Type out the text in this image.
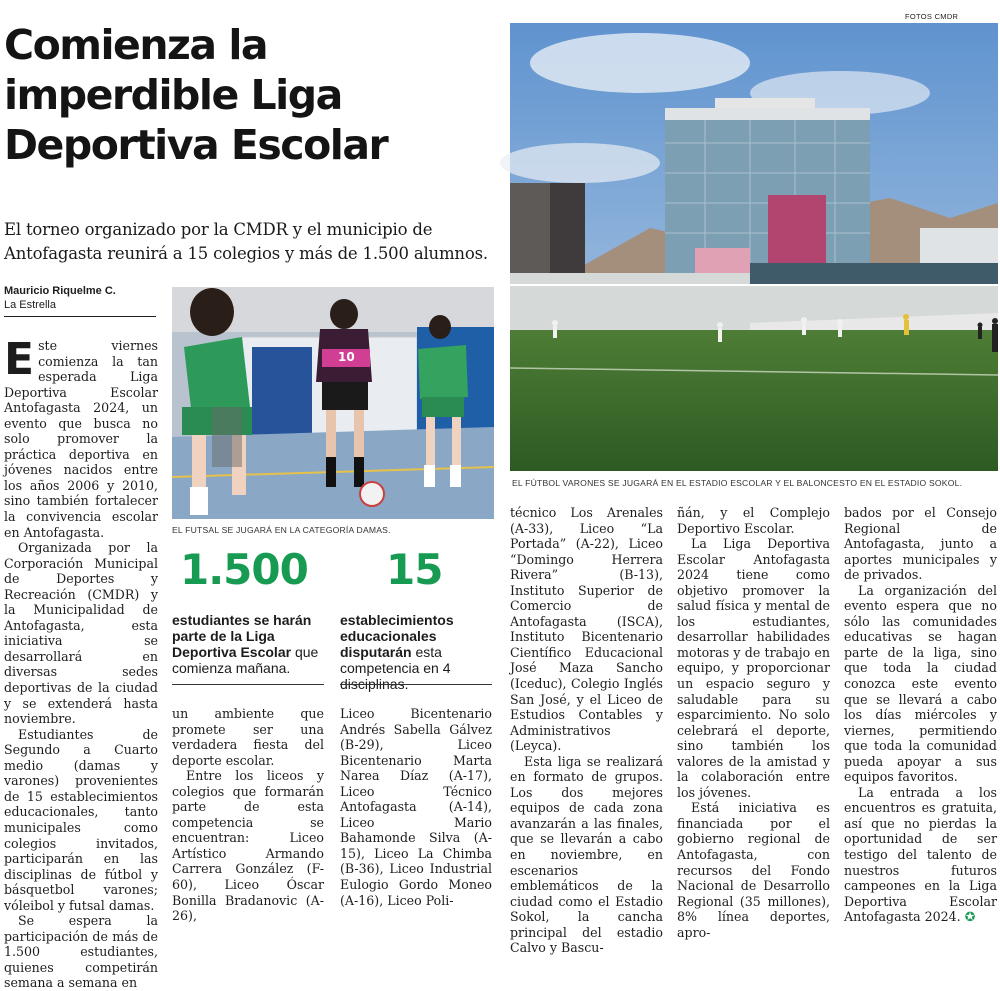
Comienza la imperdible Liga Deportiva Escolar

El torneo organizado por la CMDR y el municipio de Antofagasta reunirá a 15 colegios y más de 1.500 alumnos.

Mauricio Riquelme C.
La Estrella
FOTOS CMDR
EL FÚTBOL VARONES SE JUGARÁ EN EL ESTADIO ESCOLAR Y EL BALONCESTO EN EL ESTADIO SOKOL.
10
EL FUTSAL SE JUGARÁ EN LA CATEGORÍA DAMAS.
1.500
estudiantes se harán parte de la Liga Deportiva Escolar que comienza mañana.
15
establecimientos educacionales disputarán esta competencia en 4 disciplinas.

Este viernes comienza la tan esperada Liga Deportiva Escolar Antofagasta 2024, un evento que busca no solo promover la práctica deportiva en jóvenes nacidos entre los años 2006 y 2010, sino también fortalecer la convivencia escolar en Antofagasta.

Organizada por la Corporación Municipal de Deportes y Recreación (CMDR) y la Municipalidad de Antofagasta, esta iniciativa se desarrollará en diversas sedes deportivas de la ciudad y se extenderá hasta noviembre.

Estudiantes de Segundo a Cuarto medio (damas y varones) provenientes de 15 establecimientos educacionales, tanto municipales como colegios invitados, participarán en las disciplinas de fútbol y básquetbol varones; vóleibol y futsal damas.

Se espera la participación de más de 1.500 estudiantes, quienes competirán semana a semana en

un ambiente que promete ser una verdadera fiesta del deporte escolar.

Entre los liceos y colegios que formarán parte de esta competencia se encuentran: Liceo Artístico Armando Carrera González (F-60), Liceo Óscar Bonilla Bradanovic (A-26),

Liceo Bicentenario Andrés Sabella Gálvez (B-29), Liceo Bicentenario Marta Narea Díaz (A-17), Liceo Técnico Antofagasta (A-14), Liceo Mario Bahamonde Silva (A-15), Liceo La Chimba (B-36), Liceo Industrial Eulogio Gordo Moneo (A-16), Liceo Poli-

técnico Los Arenales (A-33), Liceo “La Portada” (A-22), Liceo “Domingo Herrera Rivera” (B-13), Instituto Superior de Comercio de Antofagasta (ISCA), Instituto Bicentenario Científico Educacional José Maza Sancho (Iceduc), Colegio Inglés San José, y el Liceo de Estudios Contables y Administrativos (Leyca).

Esta liga se realizará en formato de grupos. Los dos mejores equipos de cada zona avanzarán a las finales, que se llevarán a cabo en noviembre, en escenarios emblemáticos de la ciudad como el Estadio Sokol, la cancha principal del estadio Calvo y Bascu-

ñán, y el Complejo Deportivo Escolar.

La Liga Deportiva Escolar Antofagasta 2024 tiene como objetivo promover la salud física y mental de los estudiantes, desarrollar habilidades motoras y de trabajo en equipo, y proporcionar un espacio seguro y saludable para su esparcimiento. No solo celebrará el deporte, sino también los valores de la amistad y la colaboración entre los jóvenes.

Está iniciativa es financiada por el gobierno regional de Antofagasta, con recursos del Fondo Nacional de Desarrollo Regional (35 millones), 8% línea deportes, apro-

bados por el Consejo Regional de Antofagasta, junto a aportes municipales y de privados.

La organización del evento espera que no sólo las comunidades educativas se hagan parte de la liga, sino que toda la ciudad conozca este evento que se llevará a cabo los días miércoles y viernes, permitiendo que toda la comunidad pueda apoyar a sus equipos favoritos.

La entrada a los encuentros es gratuita, así que no pierdas la oportunidad de ser testigo del talento de nuestros futuros campeones en la Liga Deportiva Escolar Antofagasta 2024. ✪
